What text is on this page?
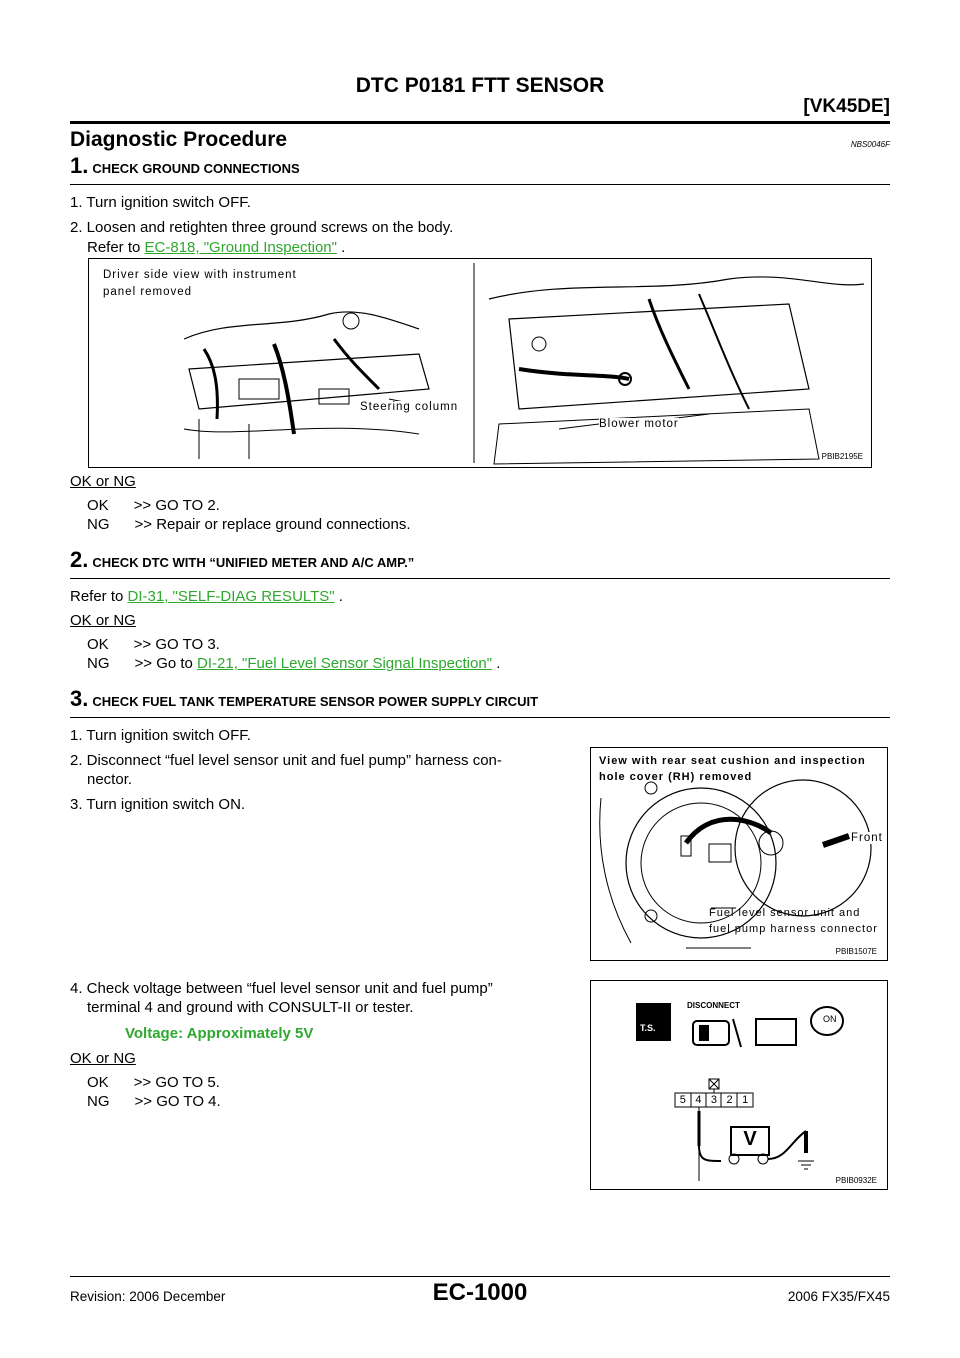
DTC P0181 FTT SENSOR
[VK45DE]
Diagnostic Procedure	NBS0046F
1. CHECK GROUND CONNECTIONS
1. Turn ignition switch OFF.
2. Loosen and retighten three ground screws on the body.
Refer to EC-818, "Ground Inspection" .
Driver side view with instrument
panel removed
Steering column
Blower motor
PBIB2195E
OK or NG
OK      >> GO TO 2.
NG      >> Repair or replace ground connections.
2. CHECK DTC WITH “UNIFIED METER AND A/C AMP.”
Refer to DI-31, "SELF-DIAG RESULTS" .
OK or NG
OK      >> GO TO 3.
NG      >> Go to DI-21, "Fuel Level Sensor Signal Inspection" .
3. CHECK FUEL TANK TEMPERATURE SENSOR POWER SUPPLY CIRCUIT
1. Turn ignition switch OFF.
2. Disconnect “fuel level sensor unit and fuel pump” harness con-
nector.
3. Turn ignition switch ON.
View with rear seat cushion and inspection
hole cover (RH) removed
Front
Fuel level sensor unit and
fuel pump harness connector
PBIB1507E
4. Check voltage between “fuel level sensor unit and fuel pump”
terminal 4 and ground with CONSULT-II or tester.
Voltage: Approximately 5V	T.S.
DISCONNECT
ON
5 4 3 2 1
V
PBIB0932E
OK or NG
OK      >> GO TO 5.
NG      >> GO TO 4.
Revision: 2006 December	EC-1000	2006 FX35/FX45
